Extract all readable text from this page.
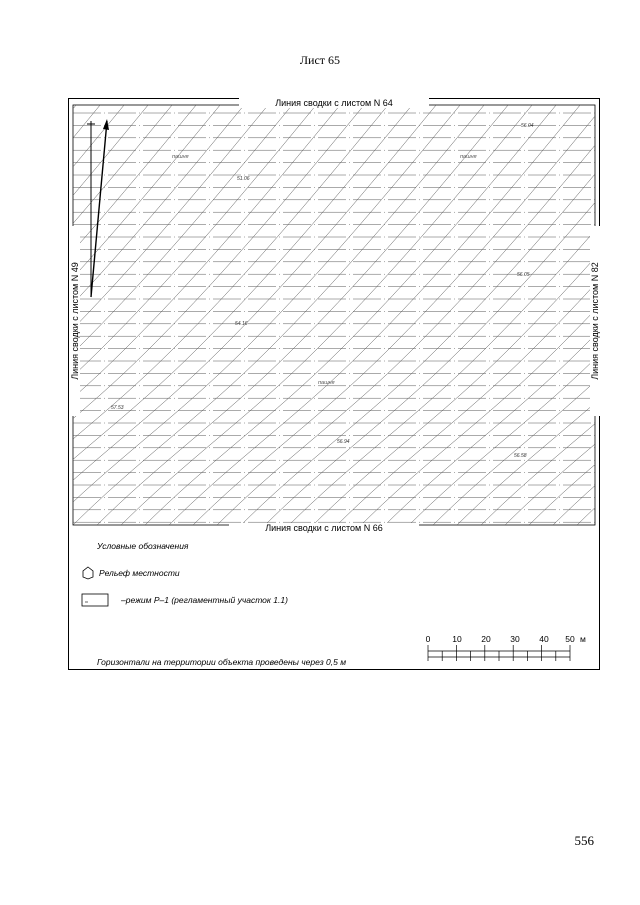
Лист 65
56.04
51.06
56.05
54.16
57.53
56.94
56.58
пашня	пашня
пашня
Линия сводки с листом N 64
Линия сводки с листом N 66
Линия сводки с листом N 49	Линия сводки с листом N 82
Условные обозначения
Рельеф местности
–режим Р–1 (регламентный участок 1.1)
0	10 20 30 40 50 м
Горизонтали на территории объекта проведены через 0,5 м
556
